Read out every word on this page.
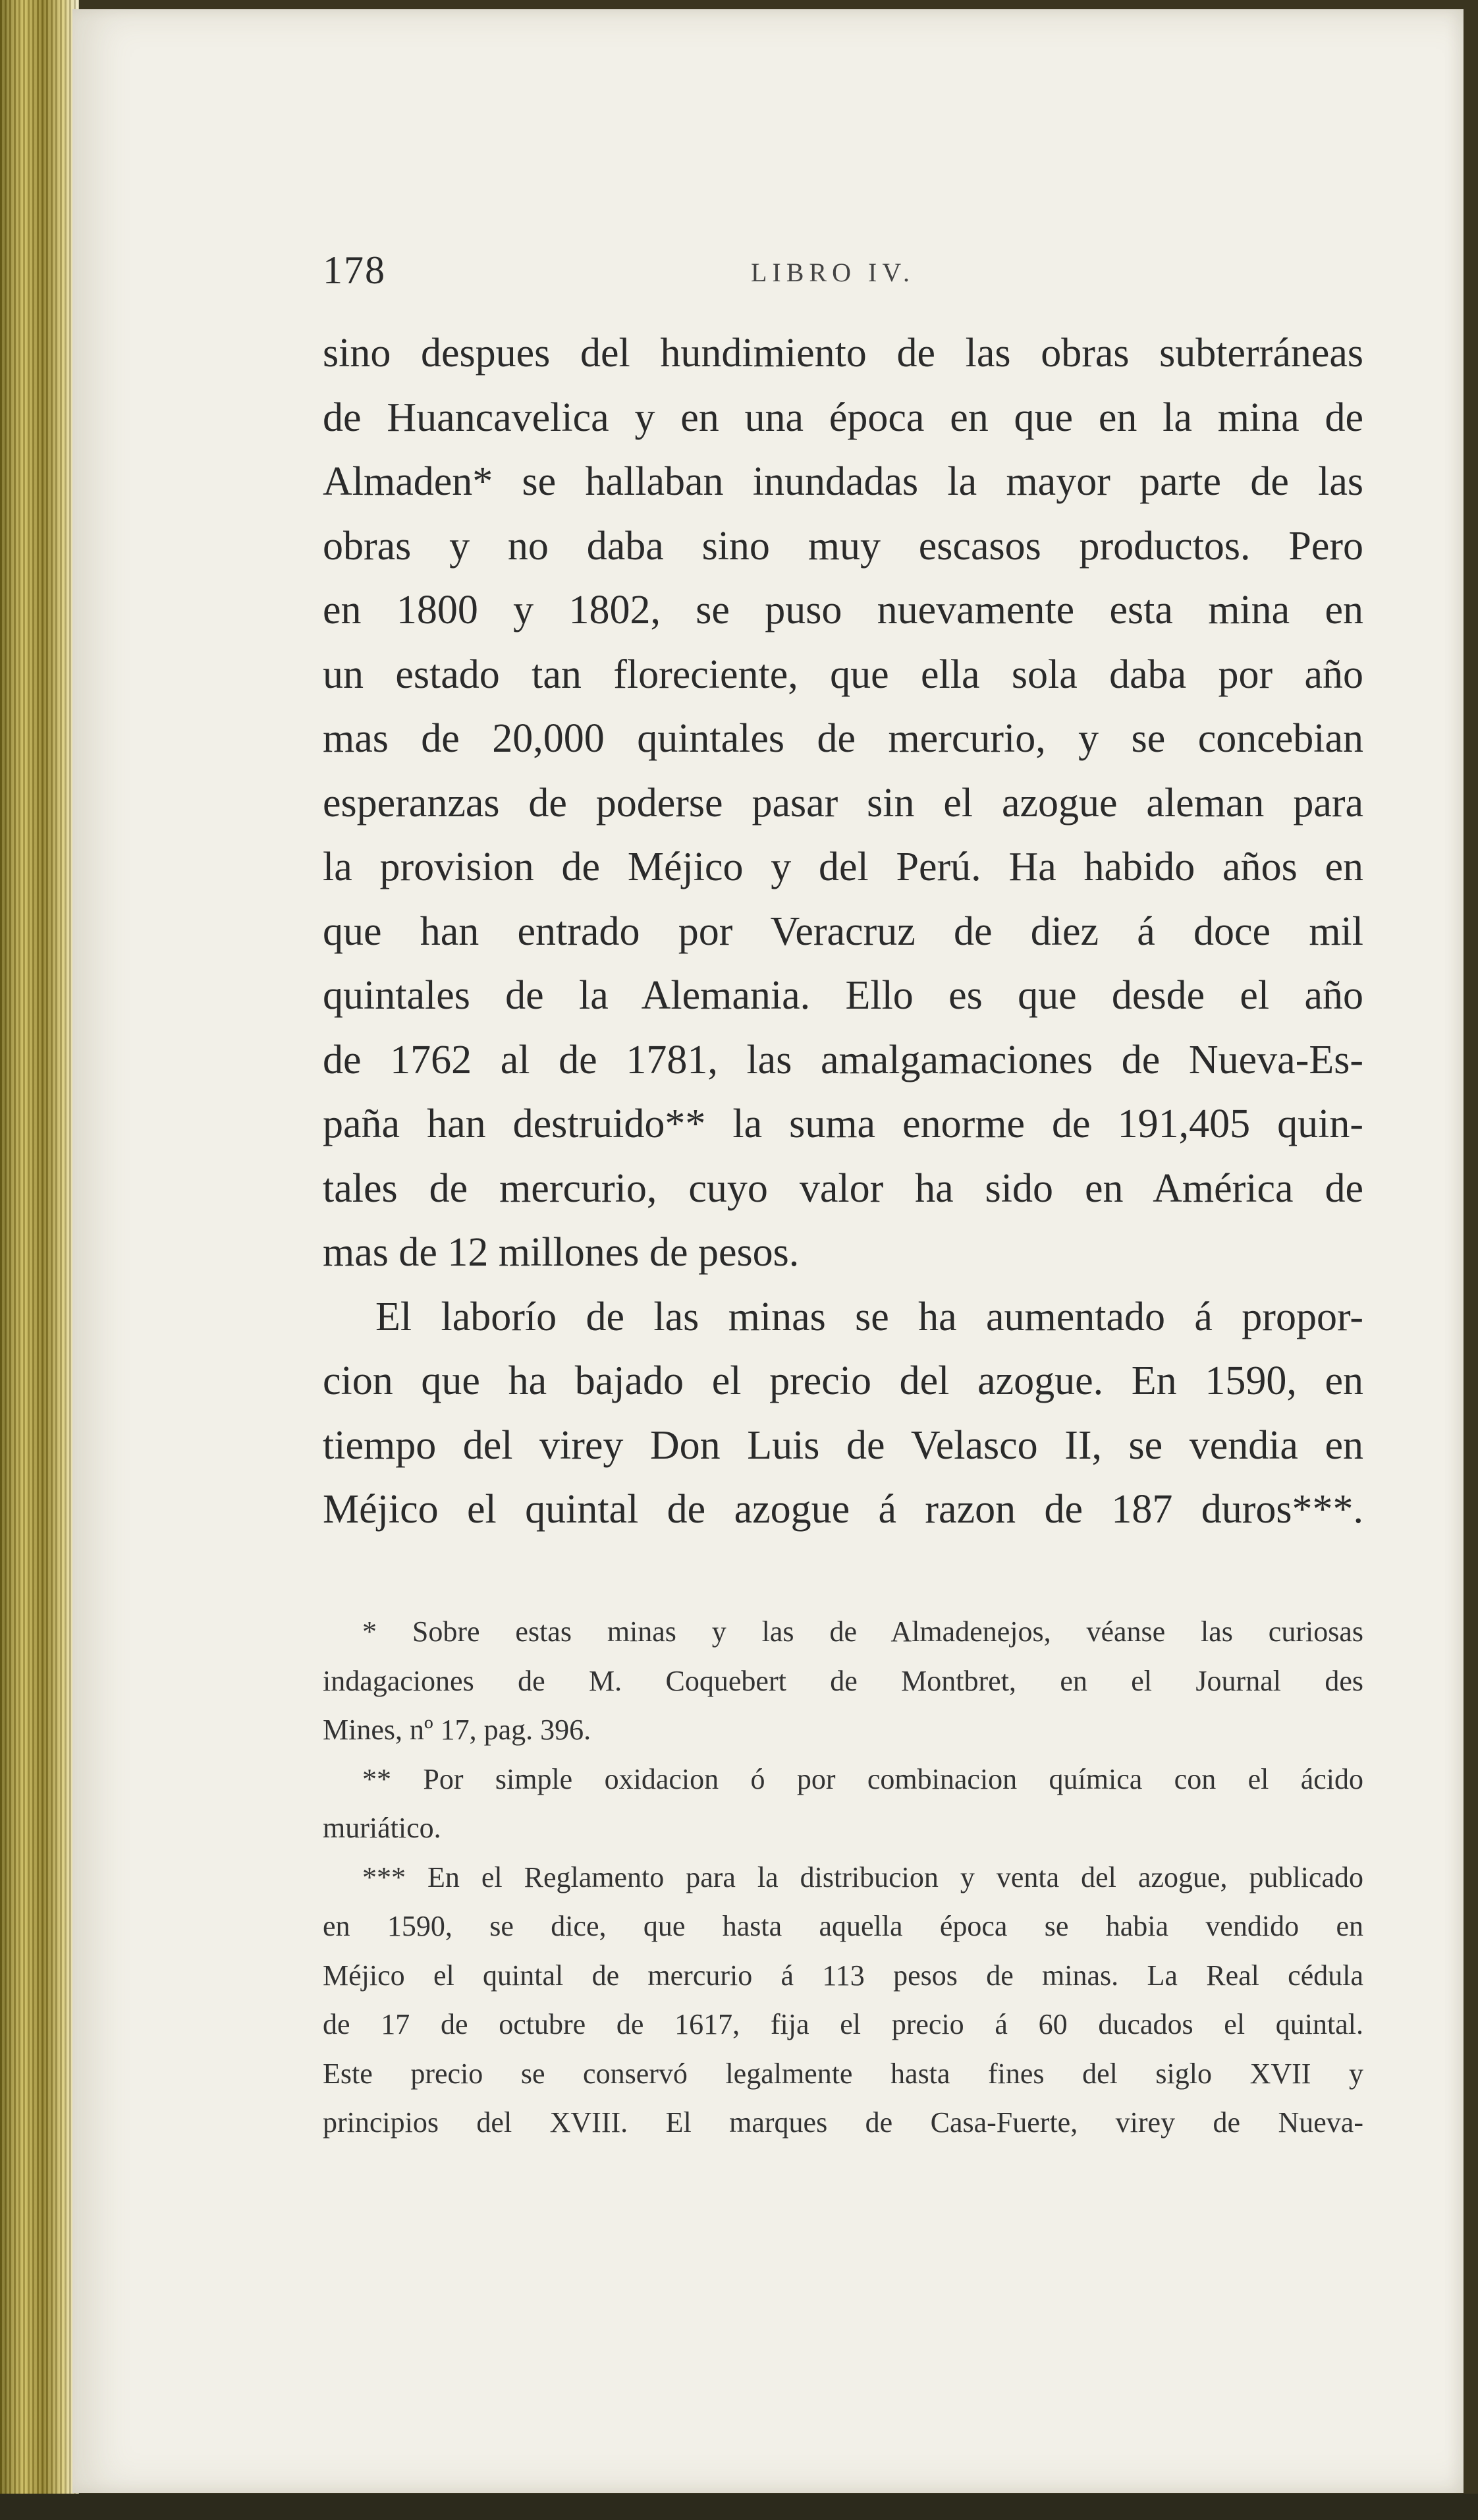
178	LIBRO IV.
sino despues del hundimiento de las obras subterráneas
de Huancavelica y en una época en que en la mina de
Almaden* se hallaban inundadas la mayor parte de las
obras y no daba sino muy escasos productos. Pero
en 1800 y 1802, se puso nuevamente esta mina en
un estado tan floreciente, que ella sola daba por año
mas de 20,000 quintales de mercurio, y se concebian
esperanzas de poderse pasar sin el azogue aleman para
la provision de Méjico y del Perú. Ha habido años en
que han entrado por Veracruz de diez á doce mil
quintales de la Alemania. Ello es que desde el año
de 1762 al de 1781, las amalgamaciones de Nueva-Es-
paña han destruido** la suma enorme de 191,405 quin-
tales de mercurio, cuyo valor ha sido en América de
mas de 12 millones de pesos.
El laborío de las minas se ha aumentado á propor-
cion que ha bajado el precio del azogue. En 1590, en
tiempo del virey Don Luis de Velasco II, se vendia en
Méjico el quintal de azogue á razon de 187 duros***.
* Sobre estas minas y las de Almadenejos, véanse las curiosas
indagaciones de M. Coquebert de Montbret, en el Journal des
Mines, nº 17, pag. 396.
** Por simple oxidacion ó por combinacion química con el ácido
muriático.
*** En el Reglamento para la distribucion y venta del azogue, publicado
en 1590, se dice, que hasta aquella época se habia vendido en
Méjico el quintal de mercurio á 113 pesos de minas. La Real cédula
de 17 de octubre de 1617, fija el precio á 60 ducados el quintal.
Este precio se conservó legalmente hasta fines del siglo XVII y
principios del XVIII. El marques de Casa-Fuerte, virey de Nueva-
